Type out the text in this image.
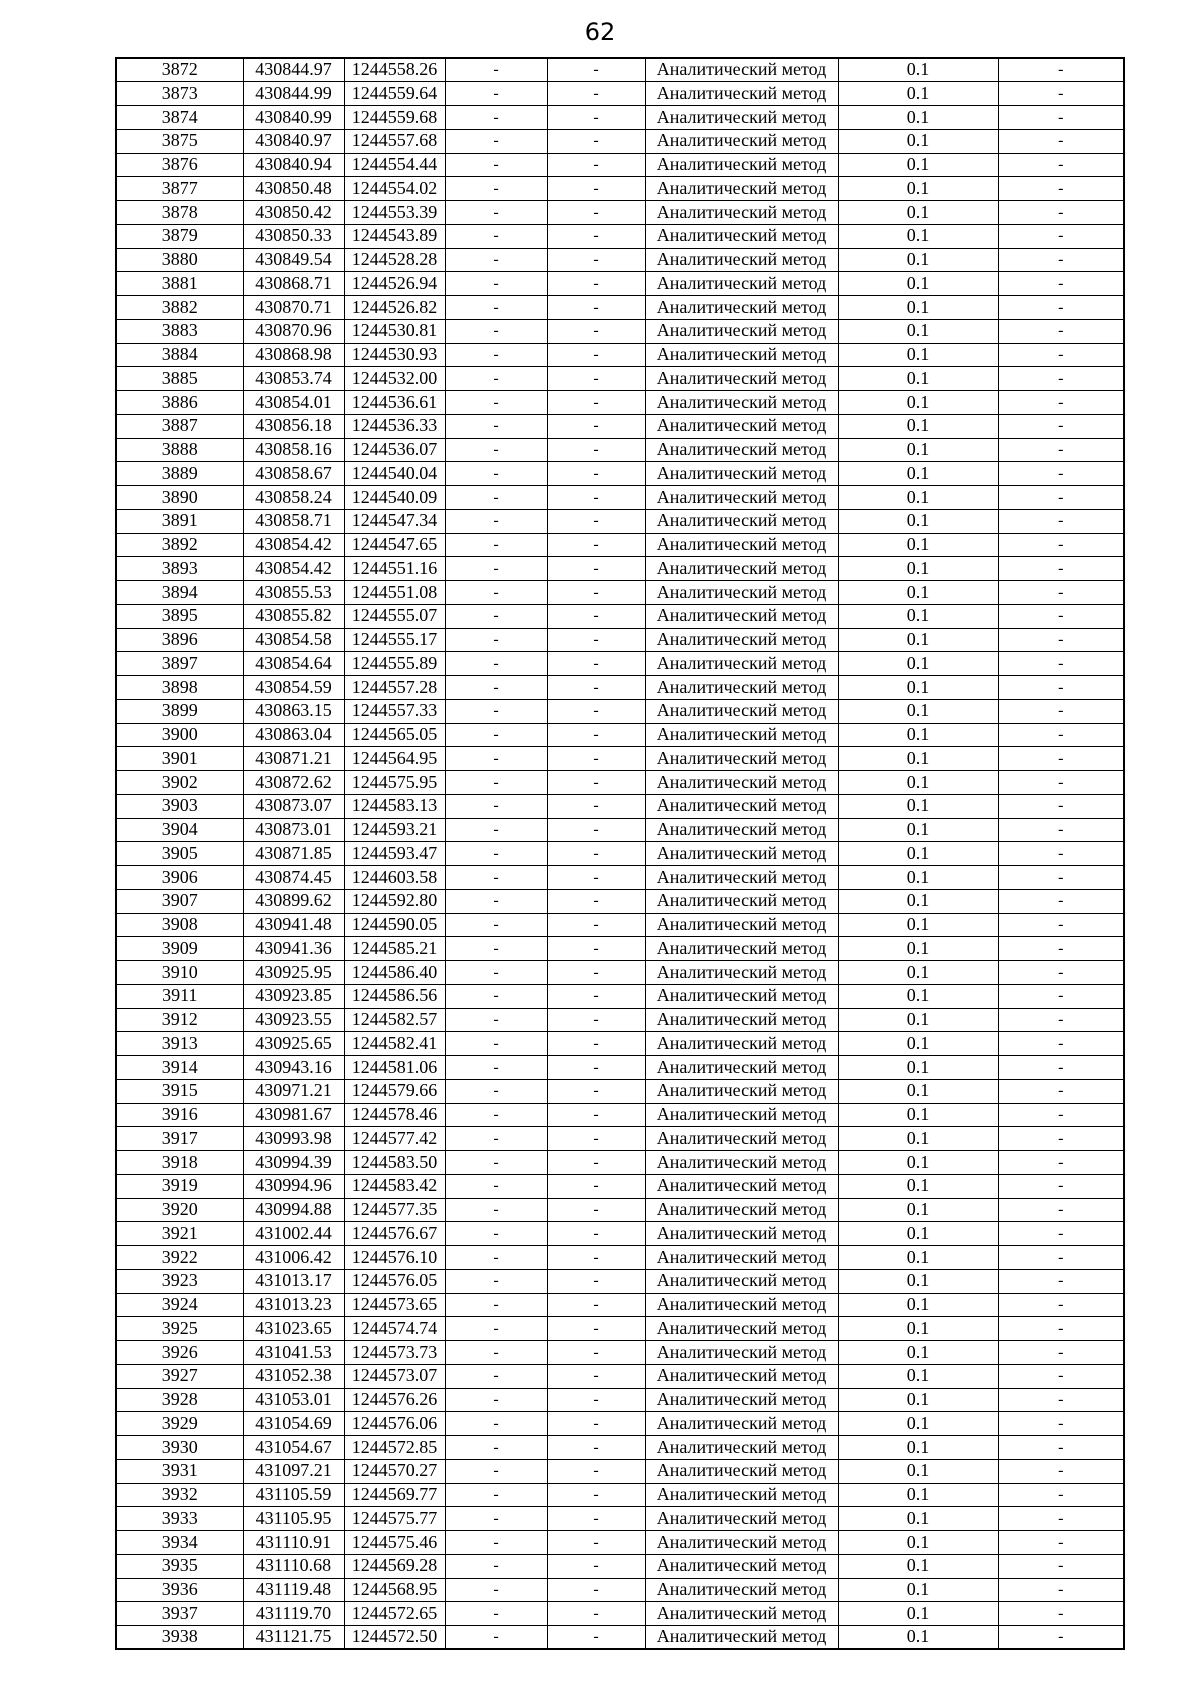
62
3872	430844.97	1244558.26	-	-	Аналитический метод	0.1	-
3873	430844.99	1244559.64	-	-	Аналитический метод	0.1	-
3874	430840.99	1244559.68	-	-	Аналитический метод	0.1	-
3875	430840.97	1244557.68	-	-	Аналитический метод	0.1	-
3876	430840.94	1244554.44	-	-	Аналитический метод	0.1	-
3877	430850.48	1244554.02	-	-	Аналитический метод	0.1	-
3878	430850.42	1244553.39	-	-	Аналитический метод	0.1	-
3879	430850.33	1244543.89	-	-	Аналитический метод	0.1	-
3880	430849.54	1244528.28	-	-	Аналитический метод	0.1	-
3881	430868.71	1244526.94	-	-	Аналитический метод	0.1	-
3882	430870.71	1244526.82	-	-	Аналитический метод	0.1	-
3883	430870.96	1244530.81	-	-	Аналитический метод	0.1	-
3884	430868.98	1244530.93	-	-	Аналитический метод	0.1	-
3885	430853.74	1244532.00	-	-	Аналитический метод	0.1	-
3886	430854.01	1244536.61	-	-	Аналитический метод	0.1	-
3887	430856.18	1244536.33	-	-	Аналитический метод	0.1	-
3888	430858.16	1244536.07	-	-	Аналитический метод	0.1	-
3889	430858.67	1244540.04	-	-	Аналитический метод	0.1	-
3890	430858.24	1244540.09	-	-	Аналитический метод	0.1	-
3891	430858.71	1244547.34	-	-	Аналитический метод	0.1	-
3892	430854.42	1244547.65	-	-	Аналитический метод	0.1	-
3893	430854.42	1244551.16	-	-	Аналитический метод	0.1	-
3894	430855.53	1244551.08	-	-	Аналитический метод	0.1	-
3895	430855.82	1244555.07	-	-	Аналитический метод	0.1	-
3896	430854.58	1244555.17	-	-	Аналитический метод	0.1	-
3897	430854.64	1244555.89	-	-	Аналитический метод	0.1	-
3898	430854.59	1244557.28	-	-	Аналитический метод	0.1	-
3899	430863.15	1244557.33	-	-	Аналитический метод	0.1	-
3900	430863.04	1244565.05	-	-	Аналитический метод	0.1	-
3901	430871.21	1244564.95	-	-	Аналитический метод	0.1	-
3902	430872.62	1244575.95	-	-	Аналитический метод	0.1	-
3903	430873.07	1244583.13	-	-	Аналитический метод	0.1	-
3904	430873.01	1244593.21	-	-	Аналитический метод	0.1	-
3905	430871.85	1244593.47	-	-	Аналитический метод	0.1	-
3906	430874.45	1244603.58	-	-	Аналитический метод	0.1	-
3907	430899.62	1244592.80	-	-	Аналитический метод	0.1	-
3908	430941.48	1244590.05	-	-	Аналитический метод	0.1	-
3909	430941.36	1244585.21	-	-	Аналитический метод	0.1	-
3910	430925.95	1244586.40	-	-	Аналитический метод	0.1	-
3911	430923.85	1244586.56	-	-	Аналитический метод	0.1	-
3912	430923.55	1244582.57	-	-	Аналитический метод	0.1	-
3913	430925.65	1244582.41	-	-	Аналитический метод	0.1	-
3914	430943.16	1244581.06	-	-	Аналитический метод	0.1	-
3915	430971.21	1244579.66	-	-	Аналитический метод	0.1	-
3916	430981.67	1244578.46	-	-	Аналитический метод	0.1	-
3917	430993.98	1244577.42	-	-	Аналитический метод	0.1	-
3918	430994.39	1244583.50	-	-	Аналитический метод	0.1	-
3919	430994.96	1244583.42	-	-	Аналитический метод	0.1	-
3920	430994.88	1244577.35	-	-	Аналитический метод	0.1	-
3921	431002.44	1244576.67	-	-	Аналитический метод	0.1	-
3922	431006.42	1244576.10	-	-	Аналитический метод	0.1	-
3923	431013.17	1244576.05	-	-	Аналитический метод	0.1	-
3924	431013.23	1244573.65	-	-	Аналитический метод	0.1	-
3925	431023.65	1244574.74	-	-	Аналитический метод	0.1	-
3926	431041.53	1244573.73	-	-	Аналитический метод	0.1	-
3927	431052.38	1244573.07	-	-	Аналитический метод	0.1	-
3928	431053.01	1244576.26	-	-	Аналитический метод	0.1	-
3929	431054.69	1244576.06	-	-	Аналитический метод	0.1	-
3930	431054.67	1244572.85	-	-	Аналитический метод	0.1	-
3931	431097.21	1244570.27	-	-	Аналитический метод	0.1	-
3932	431105.59	1244569.77	-	-	Аналитический метод	0.1	-
3933	431105.95	1244575.77	-	-	Аналитический метод	0.1	-
3934	431110.91	1244575.46	-	-	Аналитический метод	0.1	-
3935	431110.68	1244569.28	-	-	Аналитический метод	0.1	-
3936	431119.48	1244568.95	-	-	Аналитический метод	0.1	-
3937	431119.70	1244572.65	-	-	Аналитический метод	0.1	-
3938	431121.75	1244572.50	-	-	Аналитический метод	0.1	-
